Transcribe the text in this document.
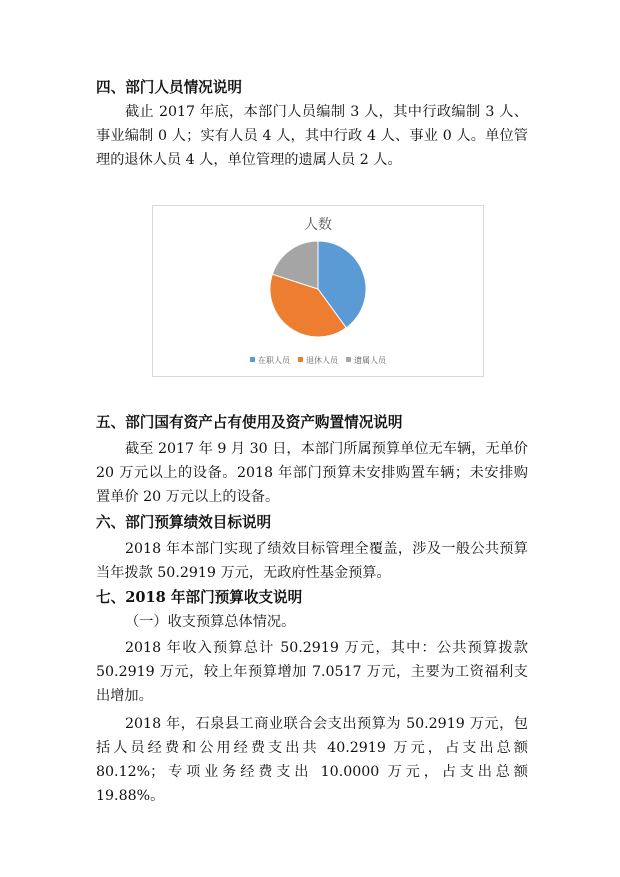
四、部门人员情况说明

截止 2017 年底，本部门人员编制 3 人，其中行政编制 3 人、事业编制 0 人；实有人员 4 人，其中行政 4 人、事业 0 人。单位管理的退休人员 4 人，单位管理的遗属人员 2 人。

人数
在职人员 退休人员 遗属人员

五、部门国有资产占有使用及资产购置情况说明

截至 2017 年 9 月 30 日，本部门所属预算单位无车辆，无单价 20 万元以上的设备。2018 年部门预算未安排购置车辆；未安排购置单价 20 万元以上的设备。

六、部门预算绩效目标说明

2018 年本部门实现了绩效目标管理全覆盖，涉及一般公共预算当年拨款 50.2919 万元，无政府性基金预算。

七、2018 年部门预算收支说明

（一）收支预算总体情况。

2018 年收入预算总计 50.2919 万元，其中：公共预算拨款 50.2919 万元，较上年预算增加 7.0517 万元，主要为工资福利支出增加。

2018 年，石泉县工商业联合会支出预算为 50.2919 万元，包括人员经费和公用经费支出共 40.2919 万元，占支出总额 80.12%；专项业务经费支出 10.0000 万元，占支出总额 19.88%。
